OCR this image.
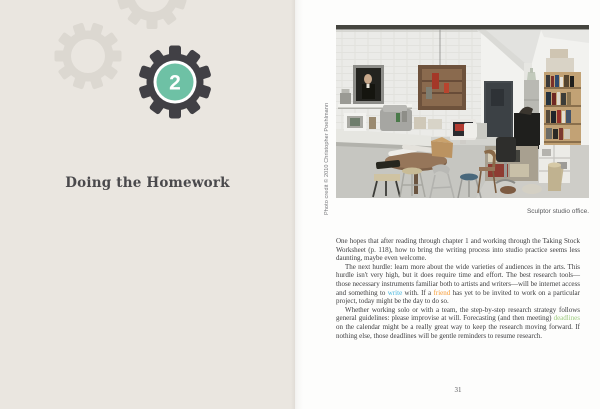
2
Doing the Homework	Photo credit © 2010 Christopher Poehlmann	Sculptor studio office.

One hopes that after reading through chapter 1 and working through the Taking Stock Worksheet (p. 118), how to bring the writing process into studio practice seems less daunting, maybe even welcome.

The next hurdle: learn more about the wide varieties of audiences in the arts. This hurdle isn't very high, but it does require time and effort. The best research tools—those necessary instruments familiar both to artists and writers—will be internet access and something to write with. If a friend has yet to be invited to work on a particular project, today might be the day to do so.

Whether working solo or with a team, the step-by-step research strategy follows general guidelines: please improvise at will. Forecasting (and then meeting) deadlines on the calendar might be a really great way to keep the research moving forward. If nothing else, those deadlines will be gentle reminders to resume research.

31
